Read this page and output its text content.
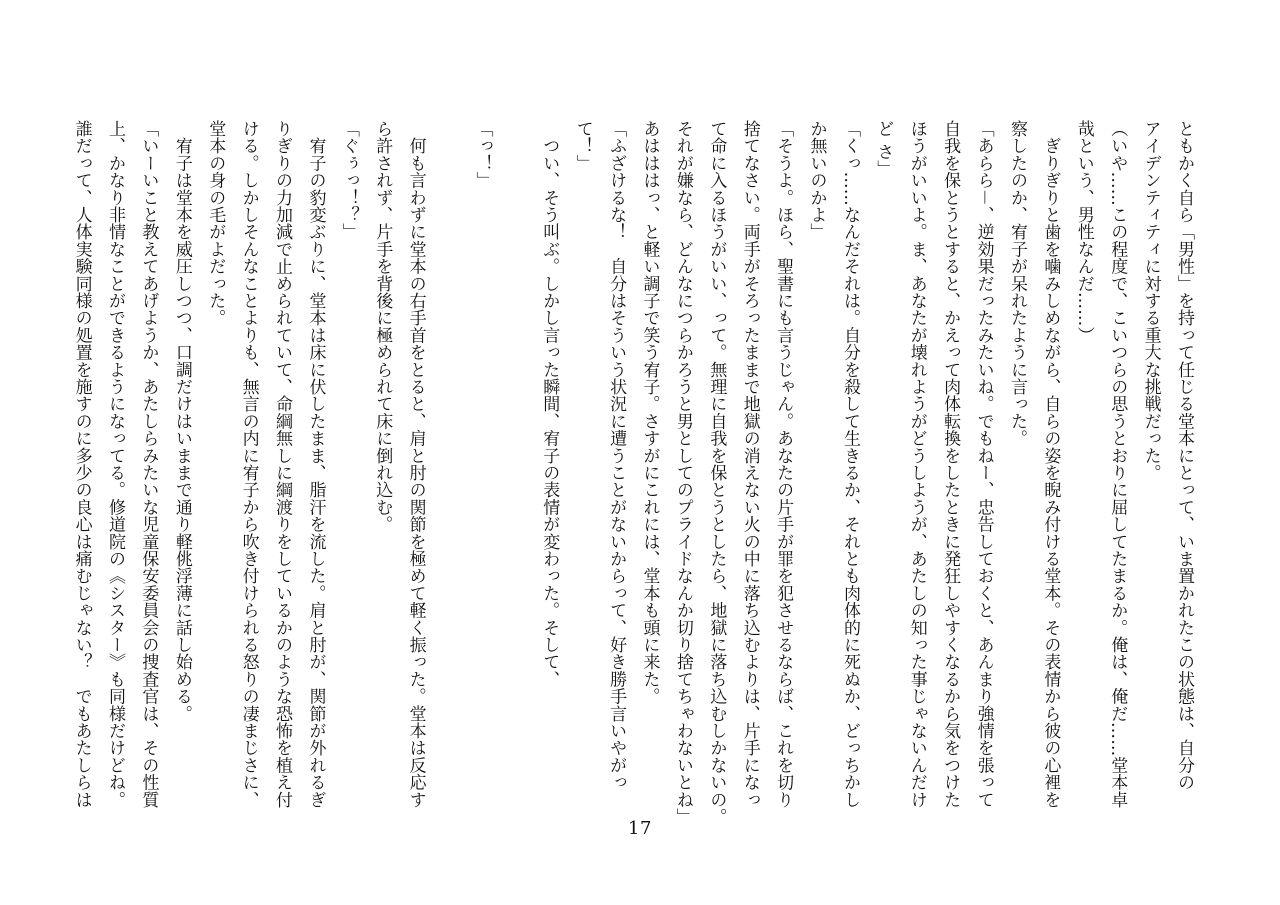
ともかく自ら「男性」を持って任じる堂本にとって、いま置かれたこの状態は、自分の
アイデンティティに対する重大な挑戦だった。
（いや……この程度で、こいつらの思うとおりに屈してたまるか。俺は、俺だ……堂本卓
哉という、男性なんだ……）
　ぎりぎりと歯を噛みしめながら、自らの姿を睨み付ける堂本。その表情から彼の心裡を
察したのか、宥子が呆れたように言った。
「あらら－、逆効果だったみたいね。でもねー、忠告しておくと、あんまり強情を張って
自我を保とうとすると、かえって肉体転換をしたときに発狂しやすくなるから気をつけた
ほうがいいよ。ま、あなたが壊れようがどうしようが、あたしの知った事じゃないんだけ
ど さ」
「くっ……なんだそれは。自分を殺して生きるか、それとも肉体的に死ぬか、どっちかし
か無いのかよ」
「そうよ。ほら、聖書にも言うじゃん。あなたの片手が罪を犯させるならば、これを切り
捨てなさい。両手がそろったままで地獄の消えない火の中に落ち込むよりは、片手になっ
て命に入るほうがいい、って。無理に自我を保とうとしたら、地獄に落ち込むしかないの。
それが嫌なら、どんなにつらかろうと男としてのプライドなんか切り捨てちゃわないとね」
あはははっ、と軽い調子で笑う宥子。さすがにこれには、堂本も頭に来た。
「ふざけるな！　自分はそういう状況に遭うことがないからって、好き勝手言いやがっ
て！」
　つい、そう叫ぶ。しかし言った瞬間、宥子の表情が変わった。そして、

「っ！」

　何も言わずに堂本の右手首をとると、肩と肘の関節を極めて軽く振った。堂本は反応す
ら許されず、片手を背後に極められて床に倒れ込む。
「ぐぅっ！？」
　宥子の豹変ぶりに、堂本は床に伏したまま、脂汗を流した。肩と肘が、関節が外れるぎ
りぎりの力加減で止められていて、命綱無しに綱渡りをしているかのような恐怖を植え付
ける。しかしそんなことよりも、無言の内に宥子から吹き付けられる怒りの凄まじさに、
堂本の身の毛がよだった。
　宥子は堂本を威圧しつつ、口調だけはいままで通り軽佻浮薄に話し始める。
「いーいこと教えてあげようか、あたしらみたいな児童保安委員会の捜査官は、その性質
上、かなり非情なことができるようになってる。修道院の《シスター》も同様だけどね。
誰だって、人体実験同様の処置を施すのに多少の良心は痛むじゃない？　でもあたしらは
17
